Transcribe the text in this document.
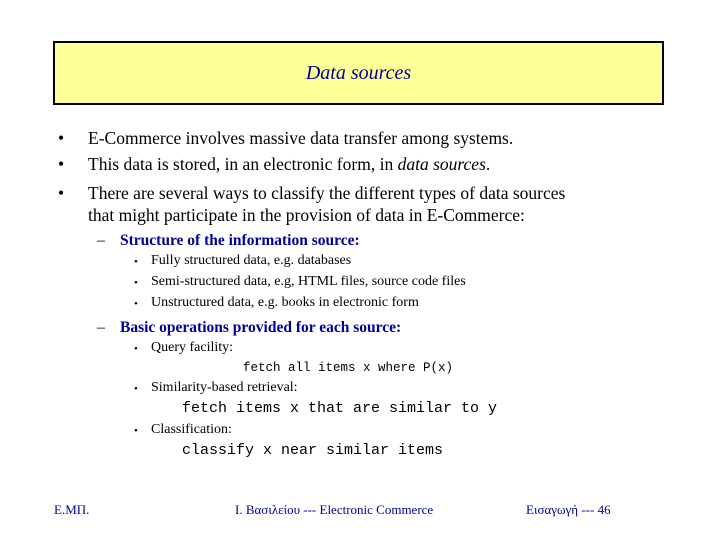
Data sources
• E-Commerce involves massive data transfer among systems.
• This data is stored, in an electronic form, in data sources.
• There are several ways to classify the different types of data sources
that might participate in the provision of data in E-Commerce:
– Structure of the information source:
• Fully structured data, e.g. databases
• Semi-structured data, e.g, HTML files, source code files
• Unstructured data, e.g. books in electronic form
– Basic operations provided for each source:
• Query facility:
fetch all items x where P(x)
• Similarity-based retrieval:
fetch items x that are similar to y
• Classification:
classify x near similar items
Ε.ΜΠ.	Ι. Βασιλείου --- Electronic Commerce	Εισαγωγή --- 46
